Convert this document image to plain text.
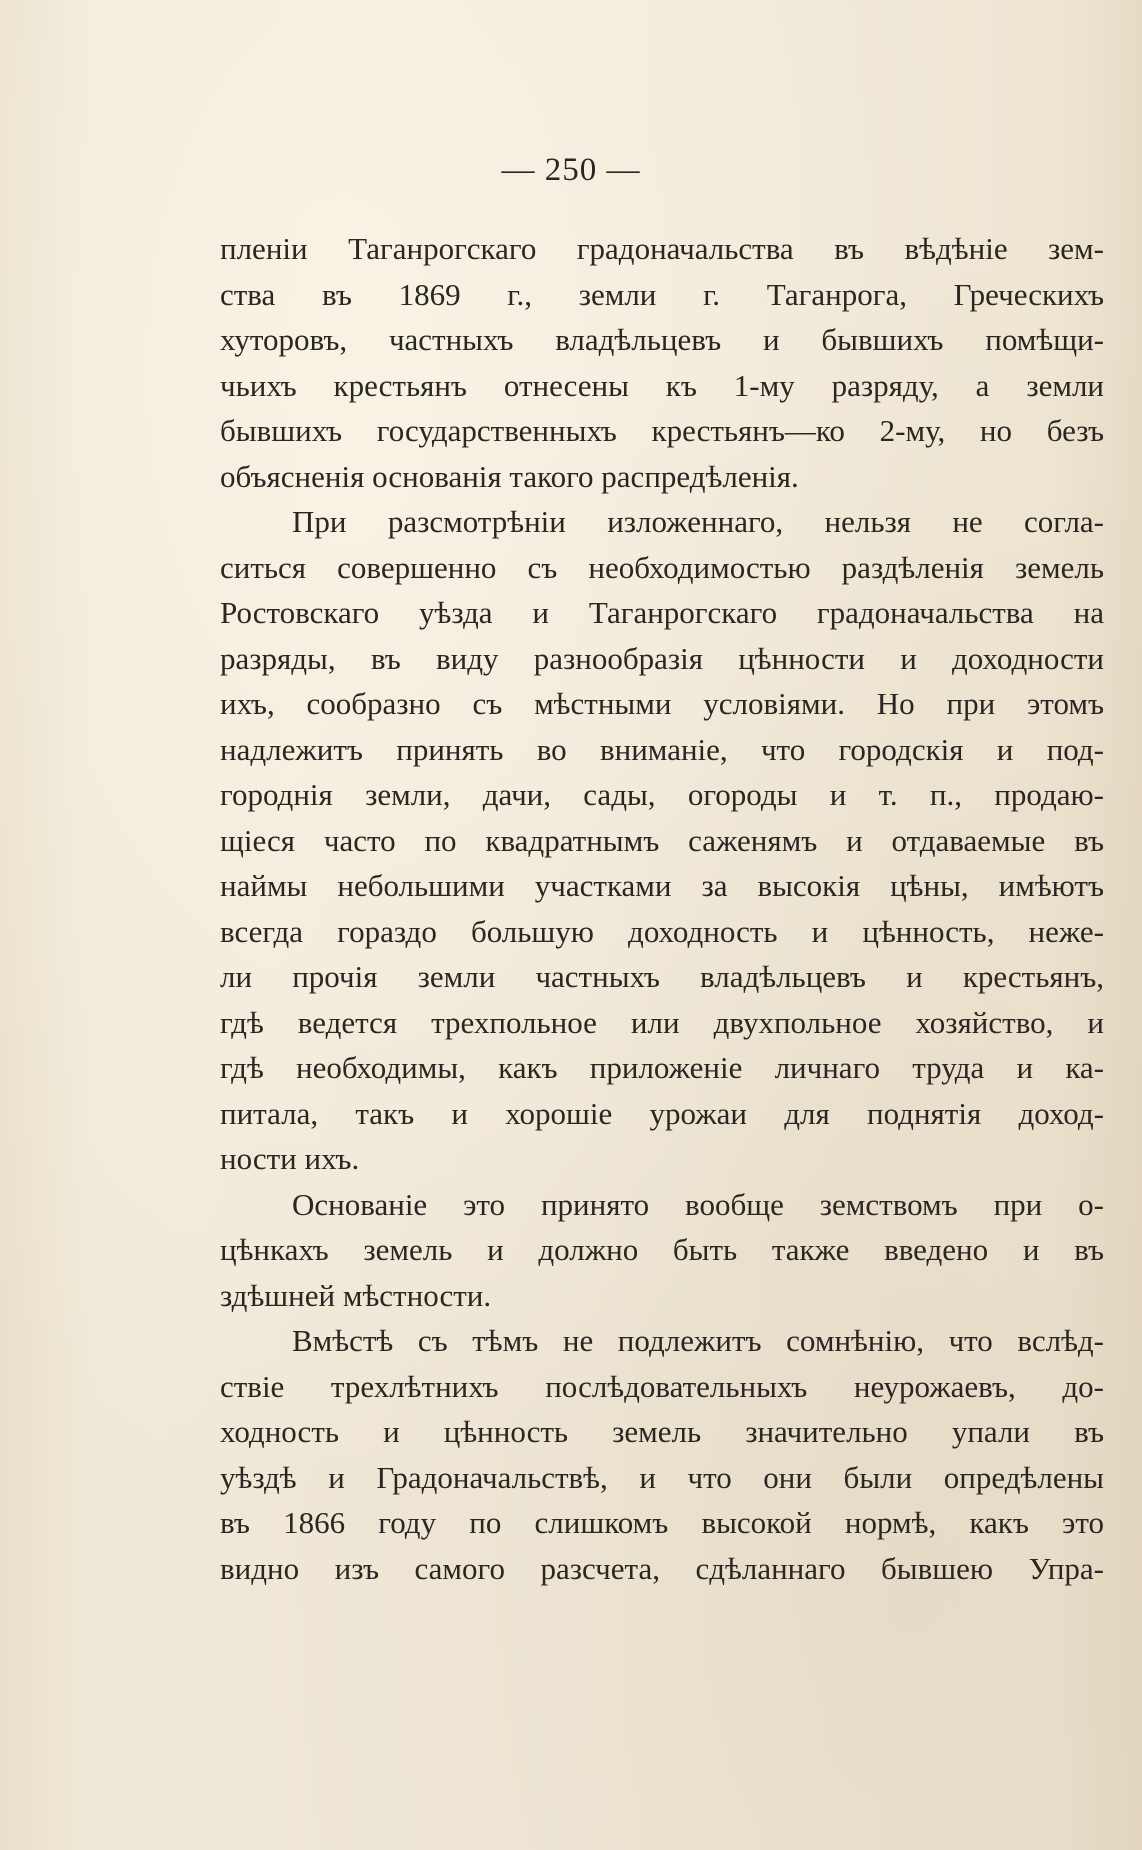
— 250 —
пленіи Таганрогскаго градоначальства въ вѣдѣніе зем-
ства въ 1869 г., земли г. Таганрога, Греческихъ
хуторовъ, частныхъ владѣльцевъ и бывшихъ помѣщи-
чьихъ крестьянъ отнесены къ 1-му разряду, а земли
бывшихъ государственныхъ крестьянъ—ко 2-му, но безъ
объясненія основанія такого распредѣленія.
При разсмотрѣніи изложеннаго, нельзя не согла-
ситься совершенно съ необходимостью раздѣленія земель
Ростовскаго уѣзда и Таганрогскаго градоначальства на
разряды, въ виду разнообразія цѣнности и доходности
ихъ, сообразно съ мѣстными условіями. Но при этомъ
надлежитъ принять во вниманіе, что городскія и под-
городнія земли, дачи, сады, огороды и т. п., продаю-
щіеся часто по квадратнымъ саженямъ и отдаваемые въ
наймы небольшими участками за высокія цѣны, имѣютъ
всегда гораздо большую доходность и цѣнность, нeже-
ли прочія земли частныхъ владѣльцевъ и крестьянъ,
гдѣ ведется трехпольное или двухпольное хозяйство, и
гдѣ необходимы, какъ приложеніе личнаго труда и ка-
питала, такъ и хорошіе урожаи для поднятія доход-
ности ихъ.
Основаніе это принято вообще земствомъ при о-
цѣнкахъ земель и должно быть также введено и въ
здѣшней мѣстности.
Вмѣстѣ съ тѣмъ не подлежитъ сомнѣнію, что вслѣд-
ствіе трехлѣтнихъ послѣдовательныхъ неурожаевъ, до-
ходность и цѣнность земель значительно упали въ
уѣздѣ и Градоначальствѣ, и что они были опредѣлены
въ 1866 году по слишкомъ высокой нормѣ, какъ это
видно изъ самого разсчета, сдѣланнаго бывшею Упра-
